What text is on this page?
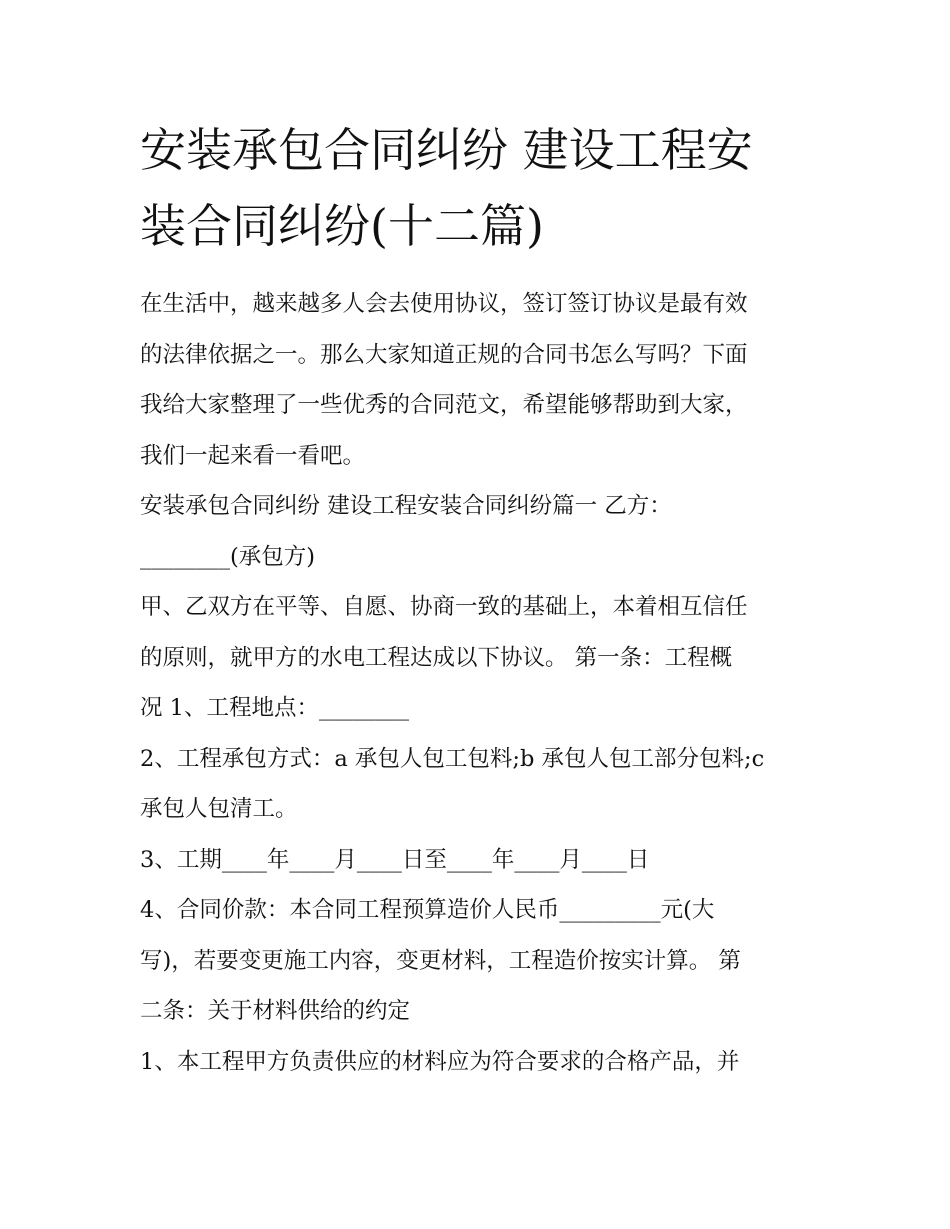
安装承包合同纠纷 建设工程安
装合同纠纷(十二篇)
在生活中，越来越多人会去使用协议，签订签订协议是最有效
的法律依据之一。那么大家知道正规的合同书怎么写吗？下面
我给大家整理了一些优秀的合同范文，希望能够帮助到大家，
我们一起来看一看吧。
安装承包合同纠纷 建设工程安装合同纠纷篇一 乙方：
________(承包方)
甲、乙双方在平等、自愿、协商一致的基础上，本着相互信任
的原则，就甲方的水电工程达成以下协议。 第一条：工程概
况 1、工程地点：________
2、工程承包方式：a 承包人包工包料;b 承包人包工部分包料;c
承包人包清工。
3、工期____年____月____日至____年____月____日
4、合同价款：本合同工程预算造价人民币_________元(大
写)，若要变更施工内容，变更材料，工程造价按实计算。 第
二条：关于材料供给的约定
1、本工程甲方负责供应的材料应为符合要求的合格产品，并
